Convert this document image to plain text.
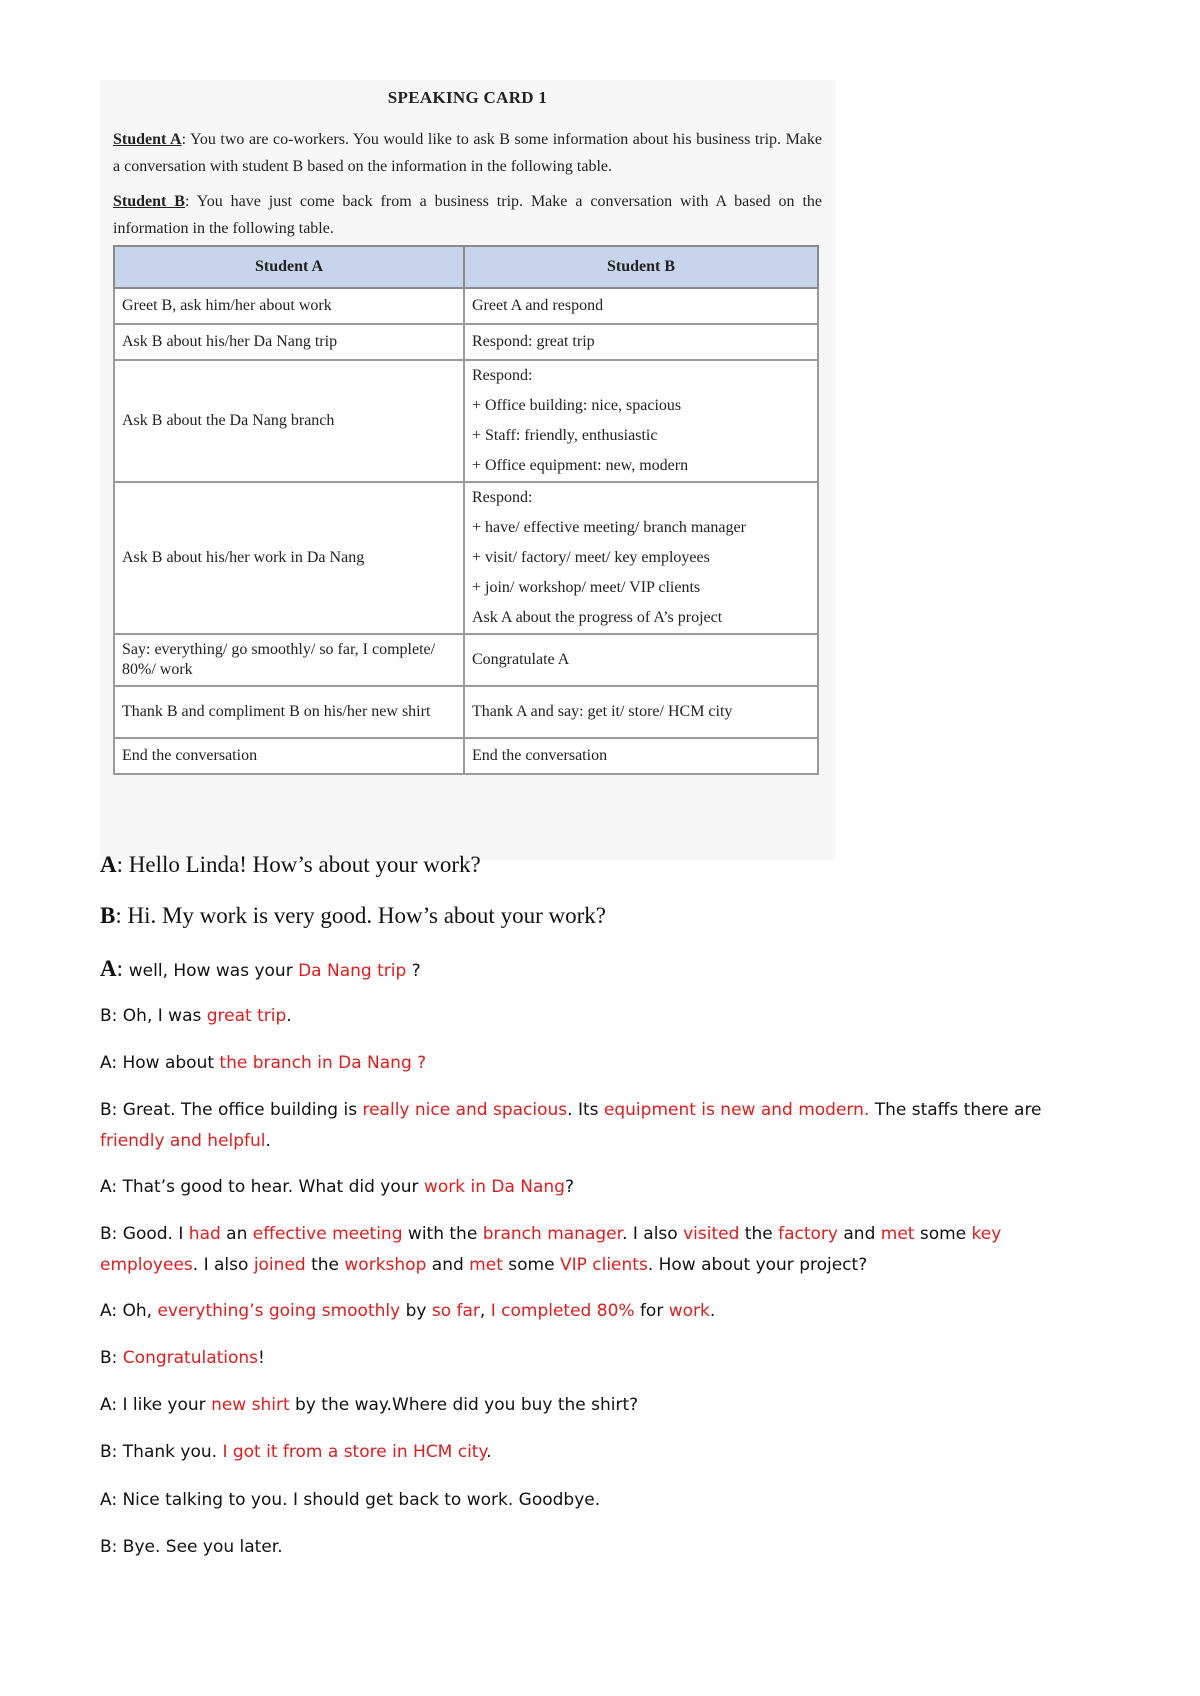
SPEAKING CARD 1
Student A: You two are co-workers. You would like to ask B some information about his business trip. Make a conversation with student B based on the information in the following table.
Student B: You have just come back from a business trip. Make a conversation with A based on the information in the following table.
Student A	Student B
Greet B, ask him/her about work	Greet A and respond

Ask B about his/her Da Nang trip	Respond: great trip

Ask B about the Da Nang branch	Respond:
+ Office building: nice, spacious
+ Staff: friendly, enthusiastic
+ Office equipment: new, modern

Ask B about his/her work in Da Nang	Respond:
+ have/ effective meeting/ branch manager
+ visit/ factory/ meet/ key employees
+ join/ workshop/ meet/ VIP clients
Ask A about the progress of A’s project

Say: everything/ go smoothly/ so far, I complete/ 80%/ work	Congratulate A

Thank B and compliment B on his/her new shirt	Thank A and say: get it/ store/ HCM city

End the conversation	End the conversation
A: Hello Linda! How’s about your work?
B: Hi. My work is very good. How’s about your work?
A: well, How was your Da Nang trip ?
B: Oh, I was great trip.
A: How about the branch in Da Nang ?
B: Great. The office building is really nice and spacious. Its equipment is new and modern. The staffs there are friendly and helpful.
A: That’s good to hear. What did your work in Da Nang?
B: Good. I had an effective meeting with the branch manager. I also visited the factory and met some key employees. I also joined the workshop and met some VIP clients. How about your project?
A: Oh, everything’s going smoothly by so far, I completed 80% for work.
B: Congratulations!
A: I like your new shirt by the way.Where did you buy the shirt?
B: Thank you. I got it from a store in HCM city.
A: Nice talking to you. I should get back to work. Goodbye.
B: Bye. See you later.
